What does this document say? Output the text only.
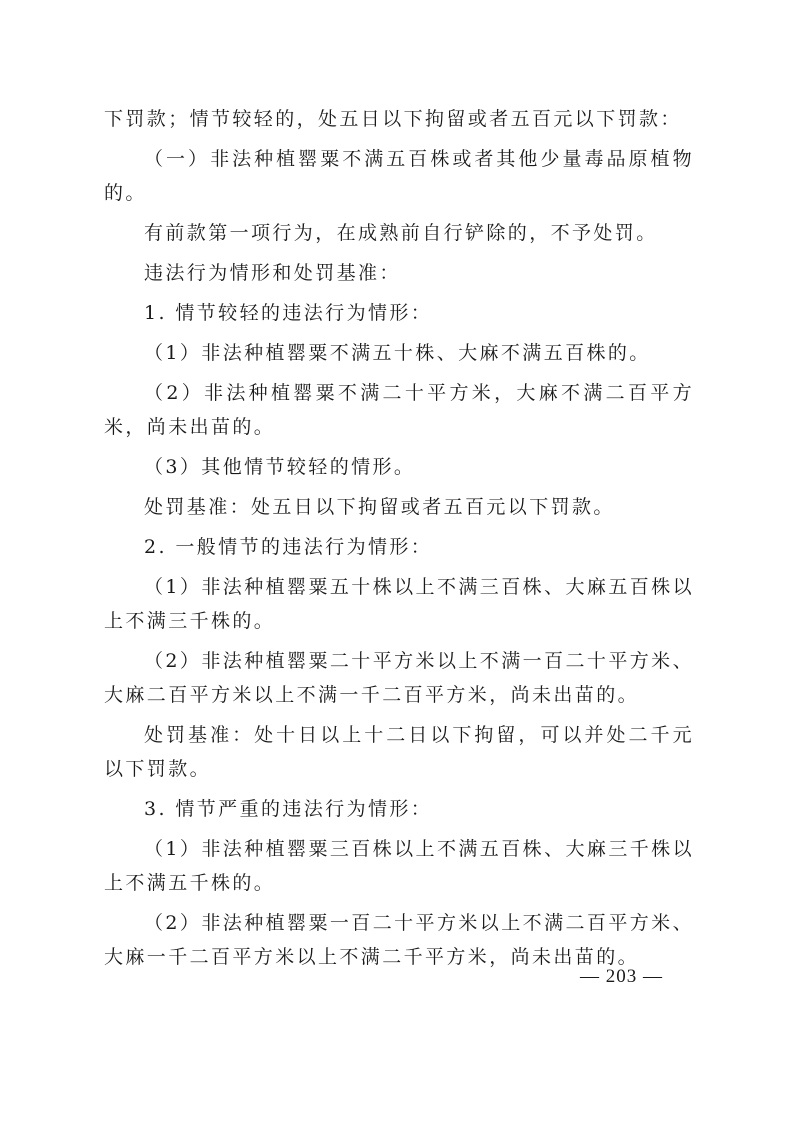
下罚款；情节较轻的，处五日以下拘留或者五百元以下罚款：

（一）非法种植罂粟不满五百株或者其他少量毒品原植物的。

有前款第一项行为，在成熟前自行铲除的，不予处罚。

违法行为情形和处罚基准：

1. 情节较轻的违法行为情形：

（1）非法种植罂粟不满五十株、大麻不满五百株的。

（2）非法种植罂粟不满二十平方米，大麻不满二百平方米，尚未出苗的。

（3）其他情节较轻的情形。

处罚基准：处五日以下拘留或者五百元以下罚款。

2. 一般情节的违法行为情形：

（1）非法种植罂粟五十株以上不满三百株、大麻五百株以上不满三千株的。

（2）非法种植罂粟二十平方米以上不满一百二十平方米、大麻二百平方米以上不满一千二百平方米，尚未出苗的。

处罚基准：处十日以上十二日以下拘留，可以并处二千元以下罚款。

3. 情节严重的违法行为情形：

（1）非法种植罂粟三百株以上不满五百株、大麻三千株以上不满五千株的。

（2）非法种植罂粟一百二十平方米以上不满二百平方米、大麻一千二百平方米以上不满二千平方米，尚未出苗的。

— 203 —
